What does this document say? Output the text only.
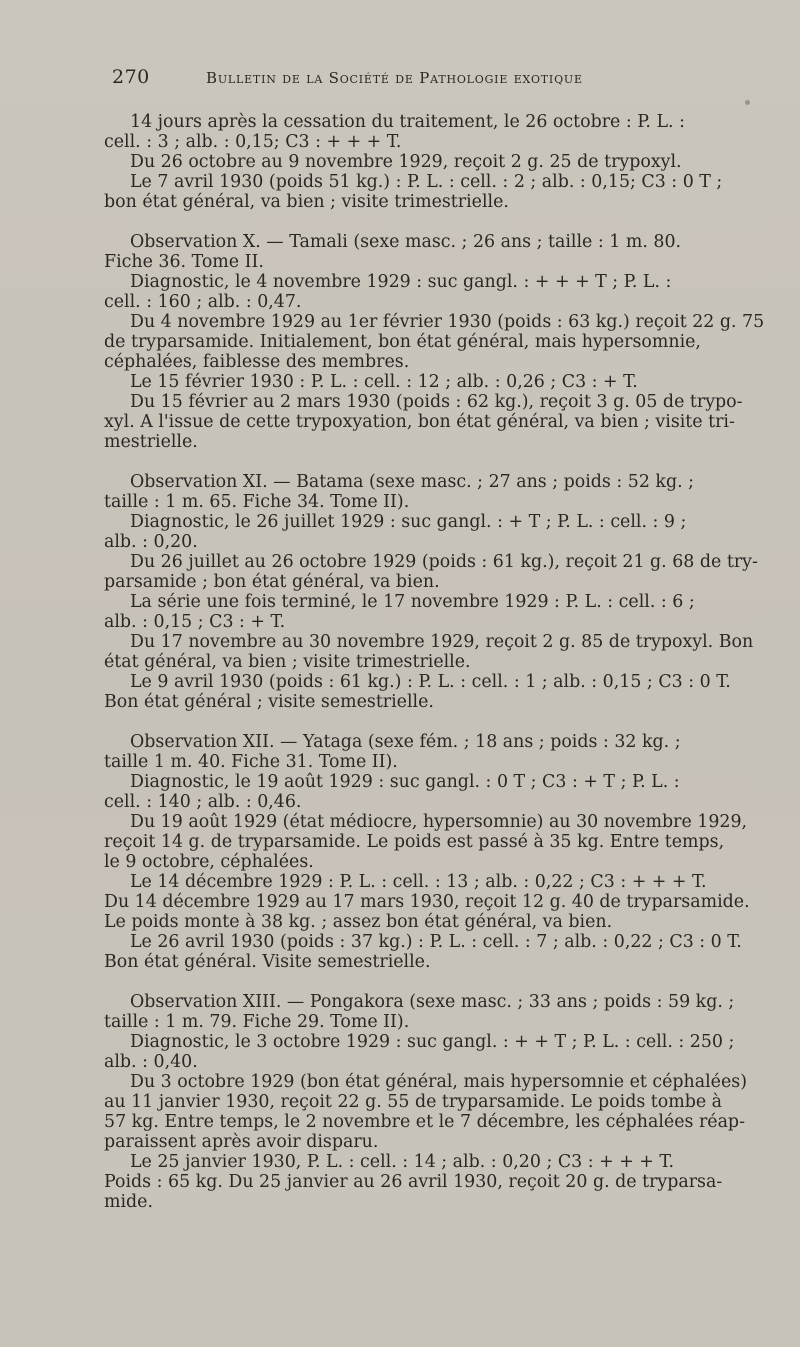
270	Bulletin de la Société de Pathologie exotique

14 jours après la cessation du traitement, le 26 octobre : P. L. :
cell. : 3 ; alb. : 0,15; C3 : + + + T.

Du 26 octobre au 9 novembre 1929, reçoit 2 g. 25 de trypoxyl.

Le 7 avril 1930 (poids 51 kg.) : P. L. : cell. : 2 ; alb. : 0,15; C3 : 0 T ;
bon état général, va bien ; visite trimestrielle.

Observation X. — Tamali (sexe masc. ; 26 ans ; taille : 1 m. 80.
Fiche 36. Tome II.

Diagnostic, le 4 novembre 1929 : suc gangl. : + + + T ; P. L. :
cell. : 160 ; alb. : 0,47.

Du 4 novembre 1929 au 1er février 1930 (poids : 63 kg.) reçoit 22 g. 75
de tryparsamide. Initialement, bon état général, mais hypersomnie,
céphalées, faiblesse des membres.

Le 15 février 1930 : P. L. : cell. : 12 ; alb. : 0,26 ; C3 : + T.

Du 15 février au 2 mars 1930 (poids : 62 kg.), reçoit 3 g. 05 de trypo-
xyl. A l'issue de cette trypoxyation, bon état général, va bien ; visite tri-
mestrielle.

Observation XI. — Batama (sexe masc. ; 27 ans ; poids : 52 kg. ;
taille : 1 m. 65. Fiche 34. Tome II).

Diagnostic, le 26 juillet 1929 : suc gangl. : + T ; P. L. : cell. : 9 ;
alb. : 0,20.

Du 26 juillet au 26 octobre 1929 (poids : 61 kg.), reçoit 21 g. 68 de try-
parsamide ; bon état général, va bien.

La série une fois terminé, le 17 novembre 1929 : P. L. : cell. : 6 ;
alb. : 0,15 ; C3 : + T.

Du 17 novembre au 30 novembre 1929, reçoit 2 g. 85 de trypoxyl. Bon
état général, va bien ; visite trimestrielle.

Le 9 avril 1930 (poids : 61 kg.) : P. L. : cell. : 1 ; alb. : 0,15 ; C3 : 0 T.
Bon état général ; visite semestrielle.

Observation XII. — Yataga (sexe fém. ; 18 ans ; poids : 32 kg. ;
taille 1 m. 40. Fiche 31. Tome II).

Diagnostic, le 19 août 1929 : suc gangl. : 0 T ; C3 : + T ; P. L. :
cell. : 140 ; alb. : 0,46.

Du 19 août 1929 (état médiocre, hypersomnie) au 30 novembre 1929,
reçoit 14 g. de tryparsamide. Le poids est passé à 35 kg. Entre temps,
le 9 octobre, céphalées.

Le 14 décembre 1929 : P. L. : cell. : 13 ; alb. : 0,22 ; C3 : + + + T.
Du 14 décembre 1929 au 17 mars 1930, reçoit 12 g. 40 de tryparsamide.
Le poids monte à 38 kg. ; assez bon état général, va bien.

Le 26 avril 1930 (poids : 37 kg.) : P. L. : cell. : 7 ; alb. : 0,22 ; C3 : 0 T.
Bon état général. Visite semestrielle.

Observation XIII. — Pongakora (sexe masc. ; 33 ans ; poids : 59 kg. ;
taille : 1 m. 79. Fiche 29. Tome II).

Diagnostic, le 3 octobre 1929 : suc gangl. : + + T ; P. L. : cell. : 250 ;
alb. : 0,40.

Du 3 octobre 1929 (bon état général, mais hypersomnie et céphalées)
au 11 janvier 1930, reçoit 22 g. 55 de tryparsamide. Le poids tombe à
57 kg. Entre temps, le 2 novembre et le 7 décembre, les céphalées réap-
paraissent après avoir disparu.

Le 25 janvier 1930, P. L. : cell. : 14 ; alb. : 0,20 ; C3 : + + + T.
Poids : 65 kg. Du 25 janvier au 26 avril 1930, reçoit 20 g. de tryparsa-
mide.
